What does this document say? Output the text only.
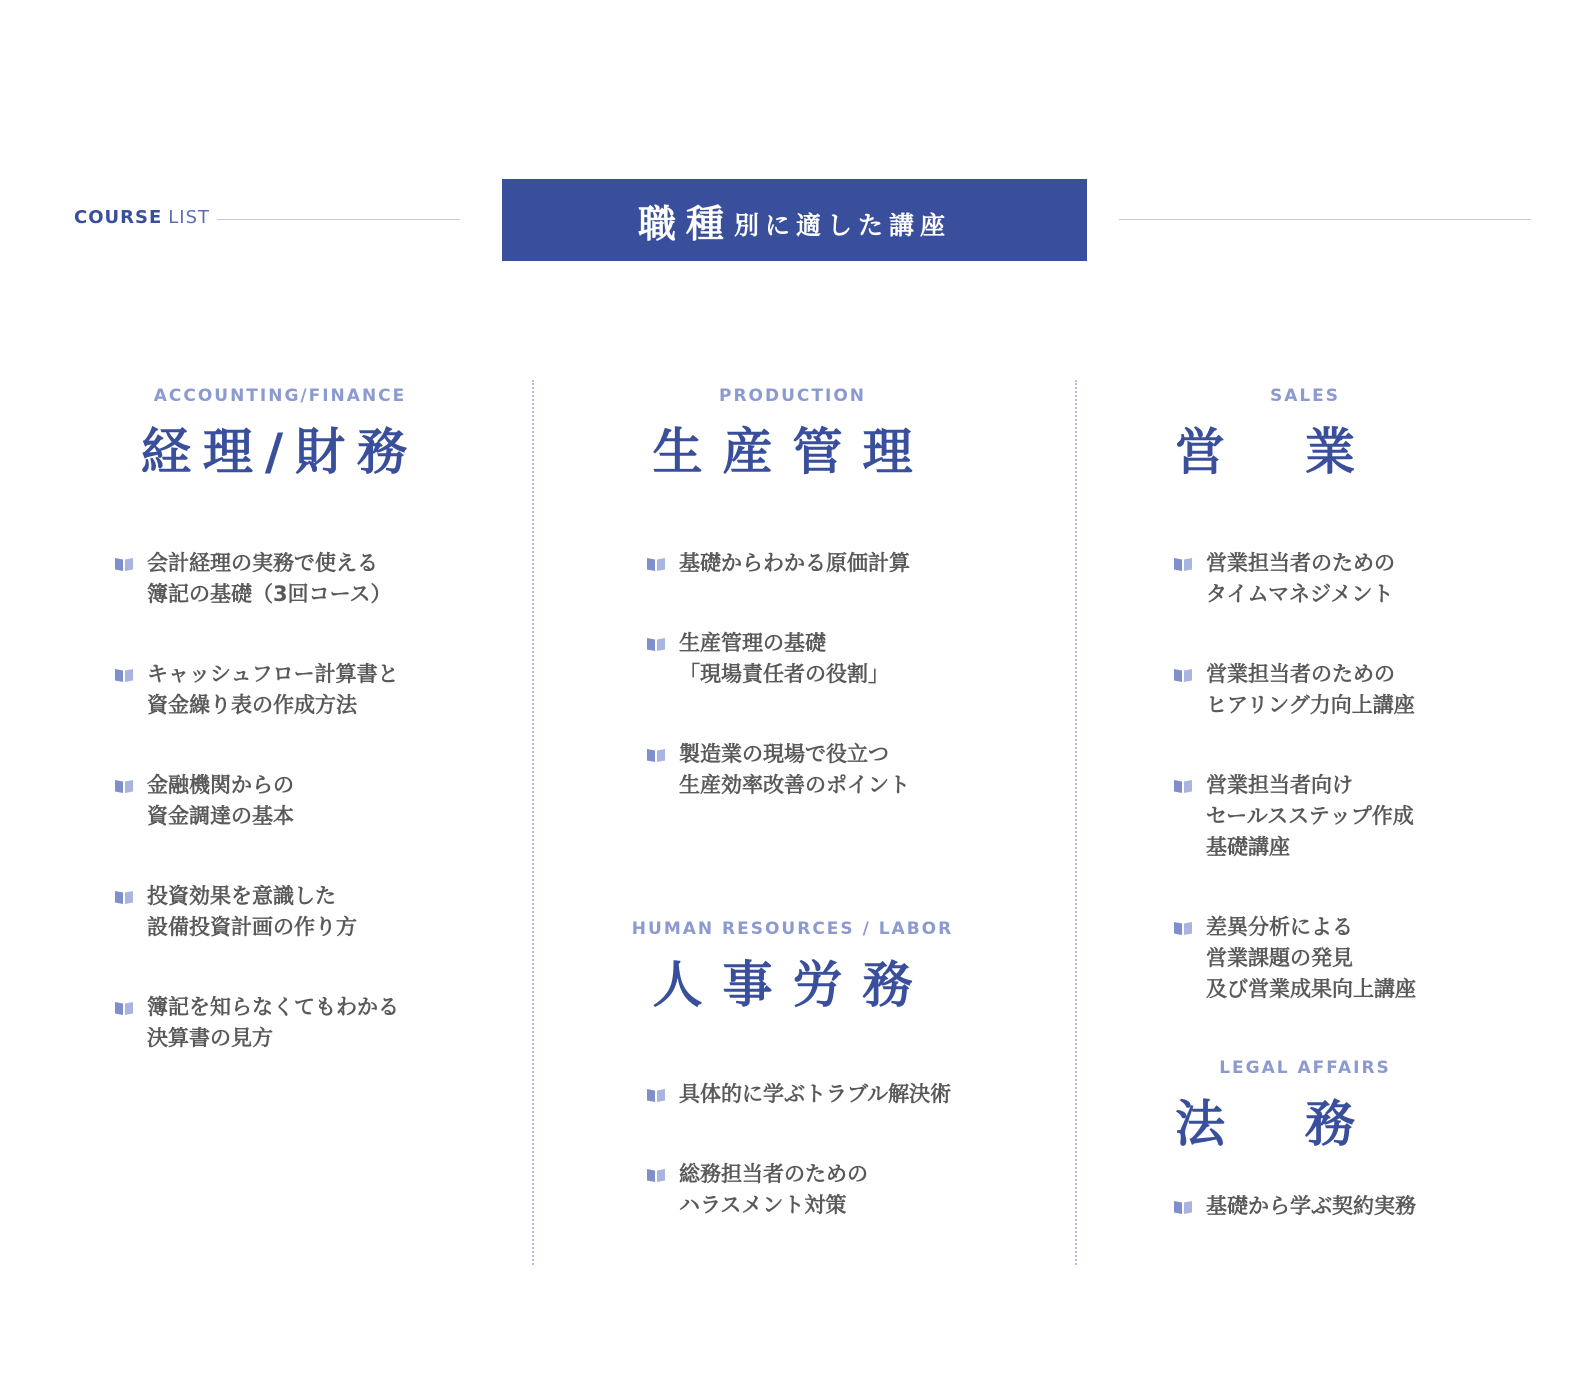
COURSE LIST	職種 別に適した講座
ACCOUNTING/FINANCE
経理/財務
会計経理の実務で使える
簿記の基礎（3回コース）
キャッシュフロー計算書と
資金繰り表の作成方法
金融機関からの
資金調達の基本
投資効果を意識した
設備投資計画の作り方
簿記を知らなくてもわかる
決算書の見方
PRODUCTION
生産管理
基礎からわかる原価計算
生産管理の基礎
「現場責任者の役割」
製造業の現場で役立つ
生産効率改善のポイント
HUMAN RESOURCES / LABOR
人事労務
具体的に学ぶトラブル解決術
総務担当者のための
ハラスメント対策
SALES
営業
営業担当者のための
タイムマネジメント
営業担当者のための
ヒアリング力向上講座
営業担当者向け
セールスステップ作成
基礎講座
差異分析による
営業課題の発見
及び営業成果向上講座
LEGAL AFFAIRS
法務
基礎から学ぶ契約実務
